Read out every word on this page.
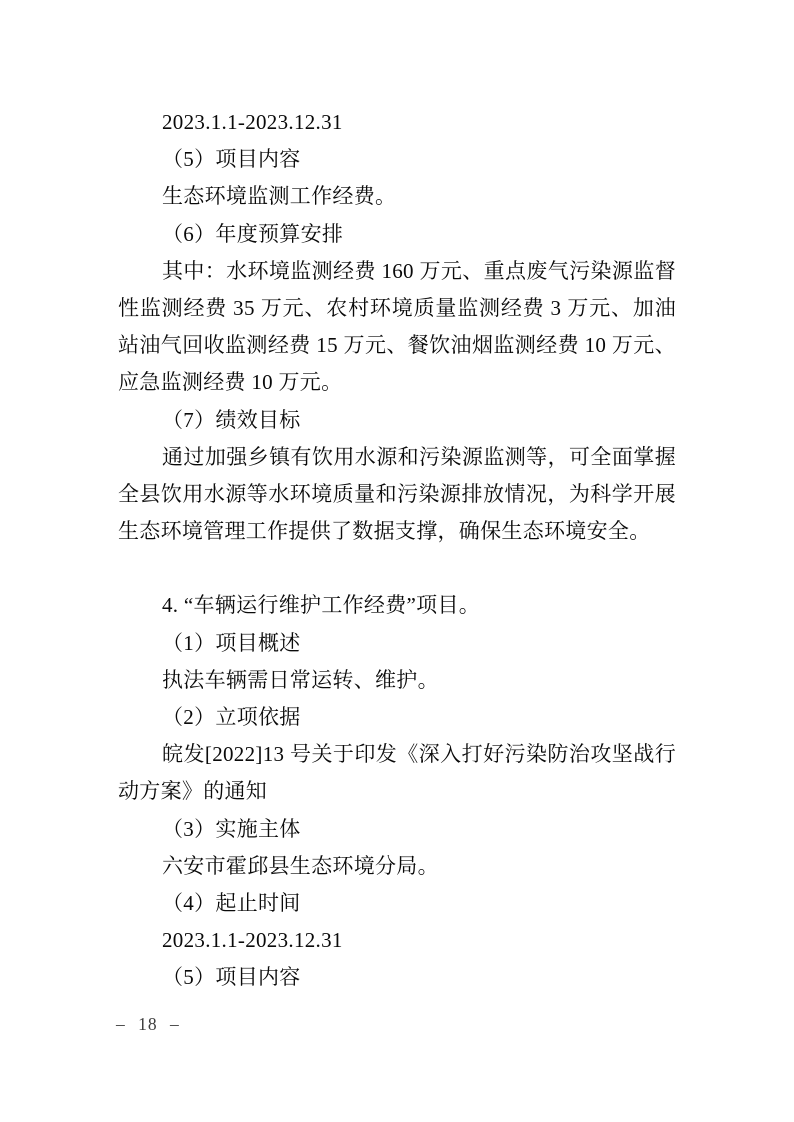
2023.1.1-2023.12.31
（5）项目内容
生态环境监测工作经费。
（6）年度预算安排
其中：水环境监测经费 160 万元、重点废气污染源监督
性监测经费 35 万元、农村环境质量监测经费 3 万元、加油
站油气回收监测经费 15 万元、餐饮油烟监测经费 10 万元、
应急监测经费 10 万元。
（7）绩效目标
通过加强乡镇有饮用水源和污染源监测等，可全面掌握
全县饮用水源等水环境质量和污染源排放情况，为科学开展
生态环境管理工作提供了数据支撑，确保生态环境安全。
4. “车辆运行维护工作经费”项目。
（1）项目概述
执法车辆需日常运转、维护。
（2）立项依据
皖发[2022]13 号关于印发《深入打好污染防治攻坚战行
动方案》的通知
（3）实施主体
六安市霍邱县生态环境分局。
（4）起止时间
2023.1.1-2023.12.31
（5）项目内容
– 18 –
